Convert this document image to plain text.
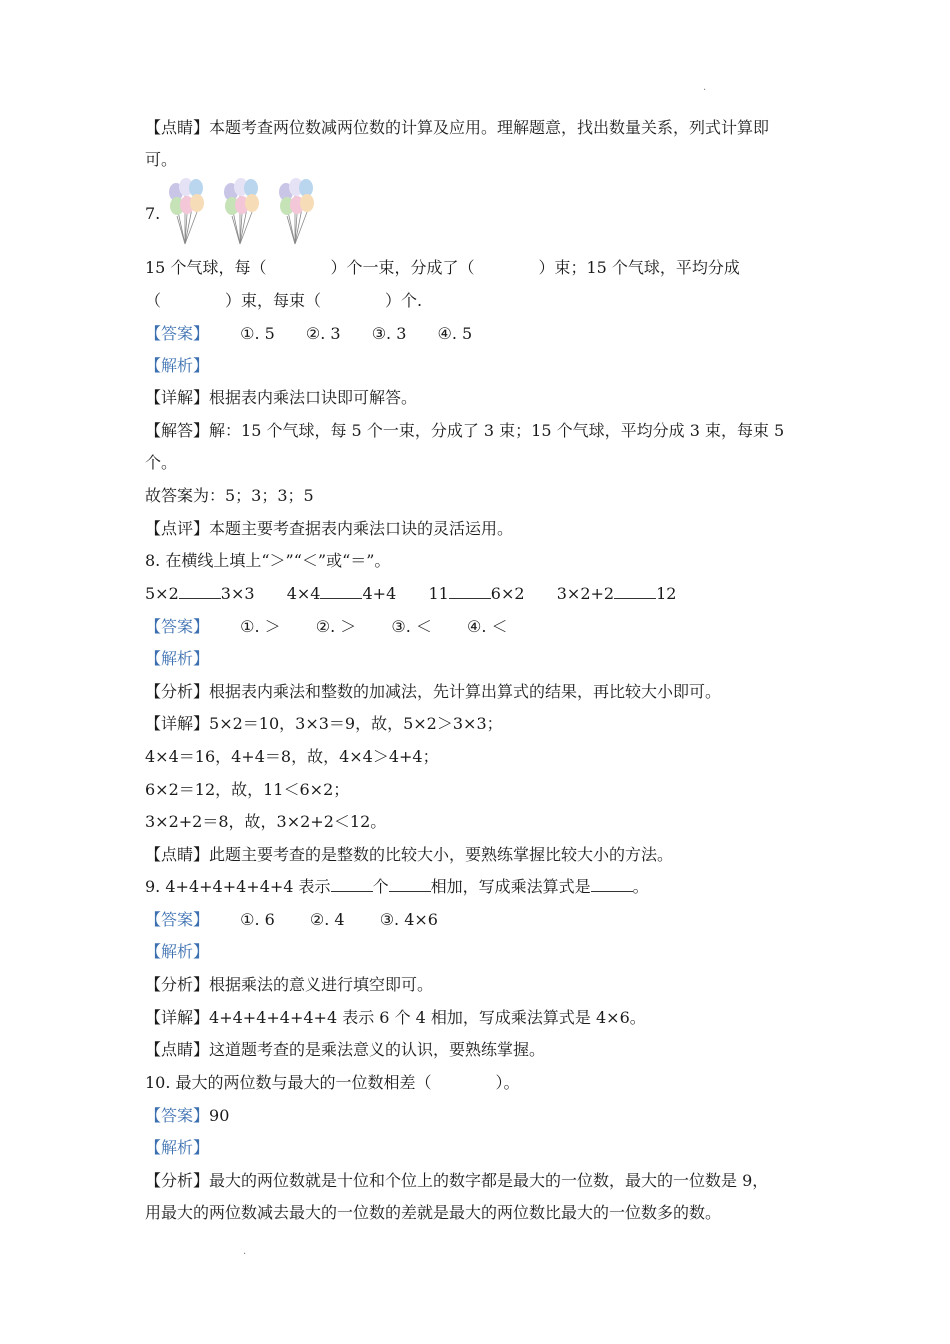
.
【点睛】本题考查两位数减两位数的计算及应用。理解题意，找出数量关系，列式计算即
可。
7.
15 个气球，每（　　　　）个一束，分成了（　　　　）束；15 个气球，平均分成
（　　　　）束，每束（　　　　）个.
【答案】 ①. 5 ②. 3 ③. 3 ④. 5
【解析】
【详解】根据表内乘法口诀即可解答。
【解答】解：15 个气球，每 5 个一束，分成了 3 束；15 个气球，平均分成 3 束，每束 5
个。
故答案为：5；3；3；5
【点评】本题主要考查据表内乘法口诀的灵活运用。
8. 在横线上填上“＞”“＜”或“＝”。
5×2	3×3 4×4	4+4 11	6×2 3×2+2	12
【答案】 ①. ＞ ②. ＞ ③. ＜ ④. ＜
【解析】
【分析】根据表内乘法和整数的加减法，先计算出算式的结果，再比较大小即可。
【详解】5×2＝10，3×3＝9，故，5×2＞3×3；
4×4＝16，4+4＝8，故，4×4＞4+4；
6×2＝12，故，11＜6×2；
3×2+2＝8，故，3×2+2＜12。
【点睛】此题主要考查的是整数的比较大小，要熟练掌握比较大小的方法。
9. 4+4+4+4+4+4 表示	个	相加，写成乘法算式是	。
【答案】 ①. 6 ②. 4 ③. 4×6
【解析】
【分析】根据乘法的意义进行填空即可。
【详解】4+4+4+4+4+4 表示 6 个 4 相加，写成乘法算式是 4×6。
【点睛】这道题考查的是乘法意义的认识，要熟练掌握。
10. 最大的两位数与最大的一位数相差（　　　　）。
【答案】90
【解析】
【分析】最大的两位数就是十位和个位上的数字都是最大的一位数，最大的一位数是 9，
用最大的两位数减去最大的一位数的差就是最大的两位数比最大的一位数多的数。
.
